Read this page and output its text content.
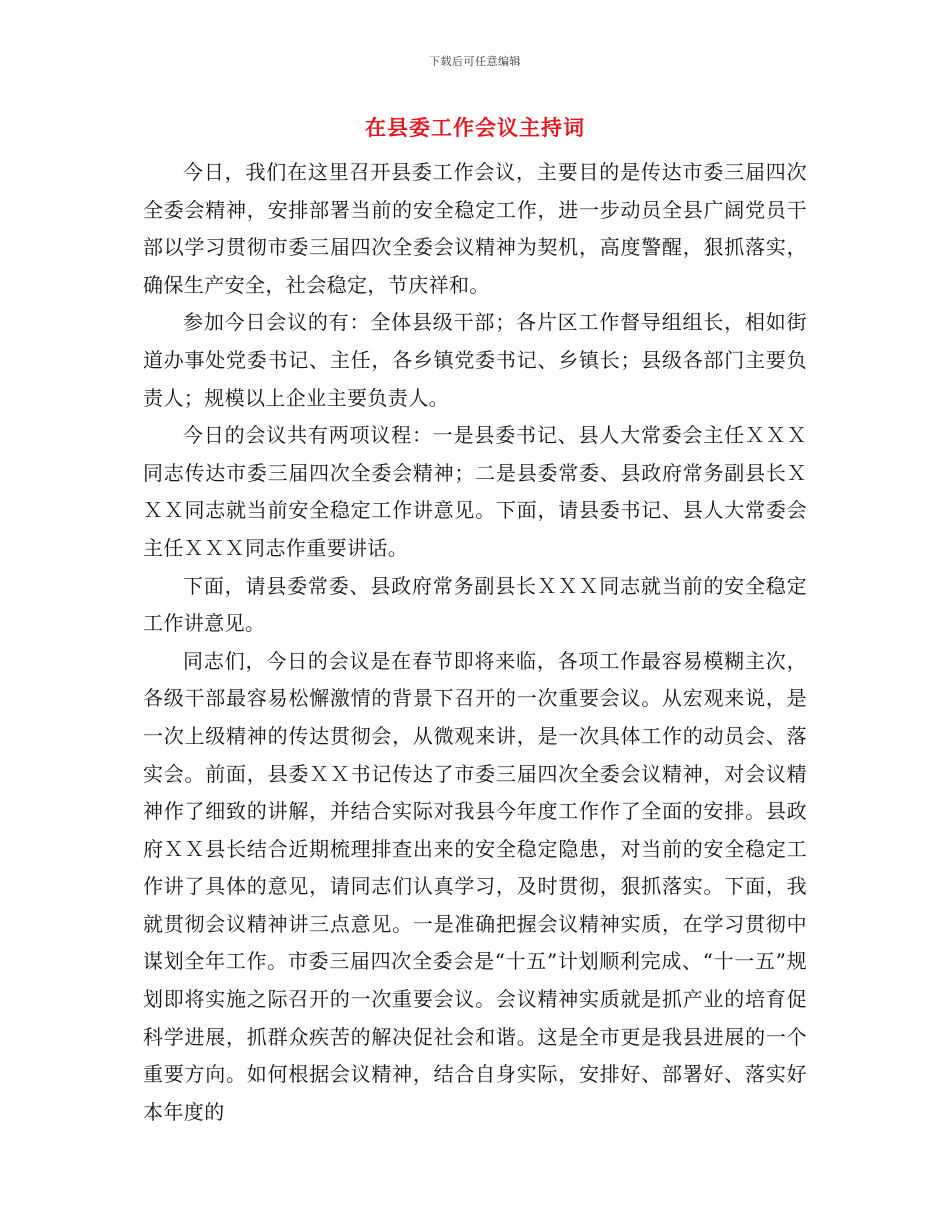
下载后可任意编辑
在县委工作会议主持词

今日，我们在这里召开县委工作会议，主要目的是传达市委三届四次全委会精神，安排部署当前的安全稳定工作，进一步动员全县广阔党员干部以学习贯彻市委三届四次全委会议精神为契机，高度警醒，狠抓落实，确保生产安全，社会稳定，节庆祥和。

参加今日会议的有：全体县级干部；各片区工作督导组组长，相如街道办事处党委书记、主任，各乡镇党委书记、乡镇长；县级各部门主要负责人；规模以上企业主要负责人。

今日的会议共有两项议程：一是县委书记、县人大常委会主任ＸＸＸ同志传达市委三届四次全委会精神；二是县委常委、县政府常务副县长ＸＸＸ同志就当前安全稳定工作讲意见。下面，请县委书记、县人大常委会主任ＸＸＸ同志作重要讲话。

下面，请县委常委、县政府常务副县长ＸＸＸ同志就当前的安全稳定工作讲意见。

同志们，今日的会议是在春节即将来临，各项工作最容易模糊主次，各级干部最容易松懈激情的背景下召开的一次重要会议。从宏观来说，是一次上级精神的传达贯彻会，从微观来讲，是一次具体工作的动员会、落实会。前面，县委ＸＸ书记传达了市委三届四次全委会议精神，对会议精神作了细致的讲解，并结合实际对我县今年度工作作了全面的安排。县政府ＸＸ县长结合近期梳理排查出来的安全稳定隐患，对当前的安全稳定工作讲了具体的意见，请同志们认真学习，及时贯彻，狠抓落实。下面，我就贯彻会议精神讲三点意见。一是准确把握会议精神实质，在学习贯彻中谋划全年工作。市委三届四次全委会是“十五”计划顺利完成、“十一五”规划即将实施之际召开的一次重要会议。会议精神实质就是抓产业的培育促科学进展，抓群众疾苦的解决促社会和谐。这是全市更是我县进展的一个重要方向。如何根据会议精神，结合自身实际，安排好、部署好、落实好本年度的
